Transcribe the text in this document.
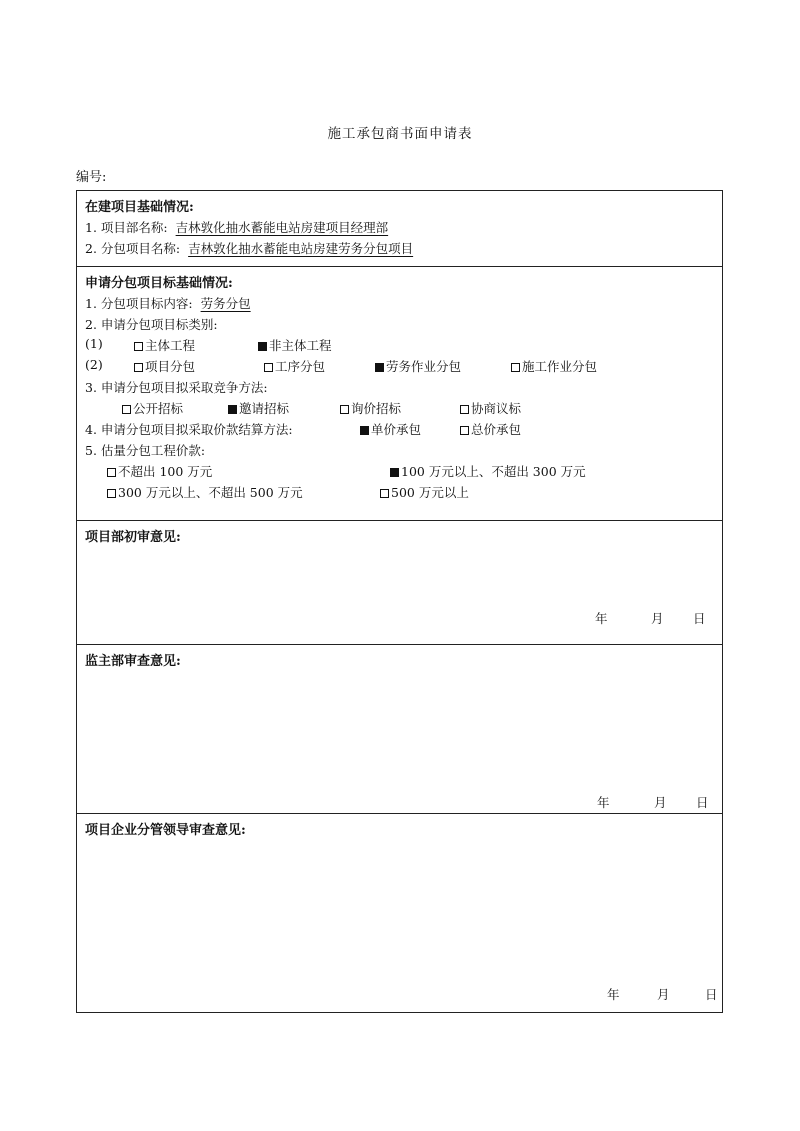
施工承包商书面申请表
编号:
在建项目基础情况:
1. 项目部名称: 吉林敦化抽水蓄能电站房建项目经理部
2. 分包项目名称: 吉林敦化抽水蓄能电站房建劳务分包项目
申请分包项目标基础情况:
1. 分包项目标内容: 劳务分包
2. 申请分包项目标类别:
(1)	主体工程	非主体工程
(2)	项目分包	工序分包	劳务作业分包	施工作业分包
3. 申请分包项目拟采取竞争方法:
公开招标	邀请招标	询价招标	协商议标
4. 申请分包项目拟采取价款结算方法:	单价承包	总价承包
5. 估量分包工程价款:
不超出 100 万元	100 万元以上、不超出 300 万元
300 万元以上、不超出 500 万元	500 万元以上
项目部初审意见:
年	月 日
监主部审查意见:
年	月 日
项目企业分管领导审查意见:
年	月	日
